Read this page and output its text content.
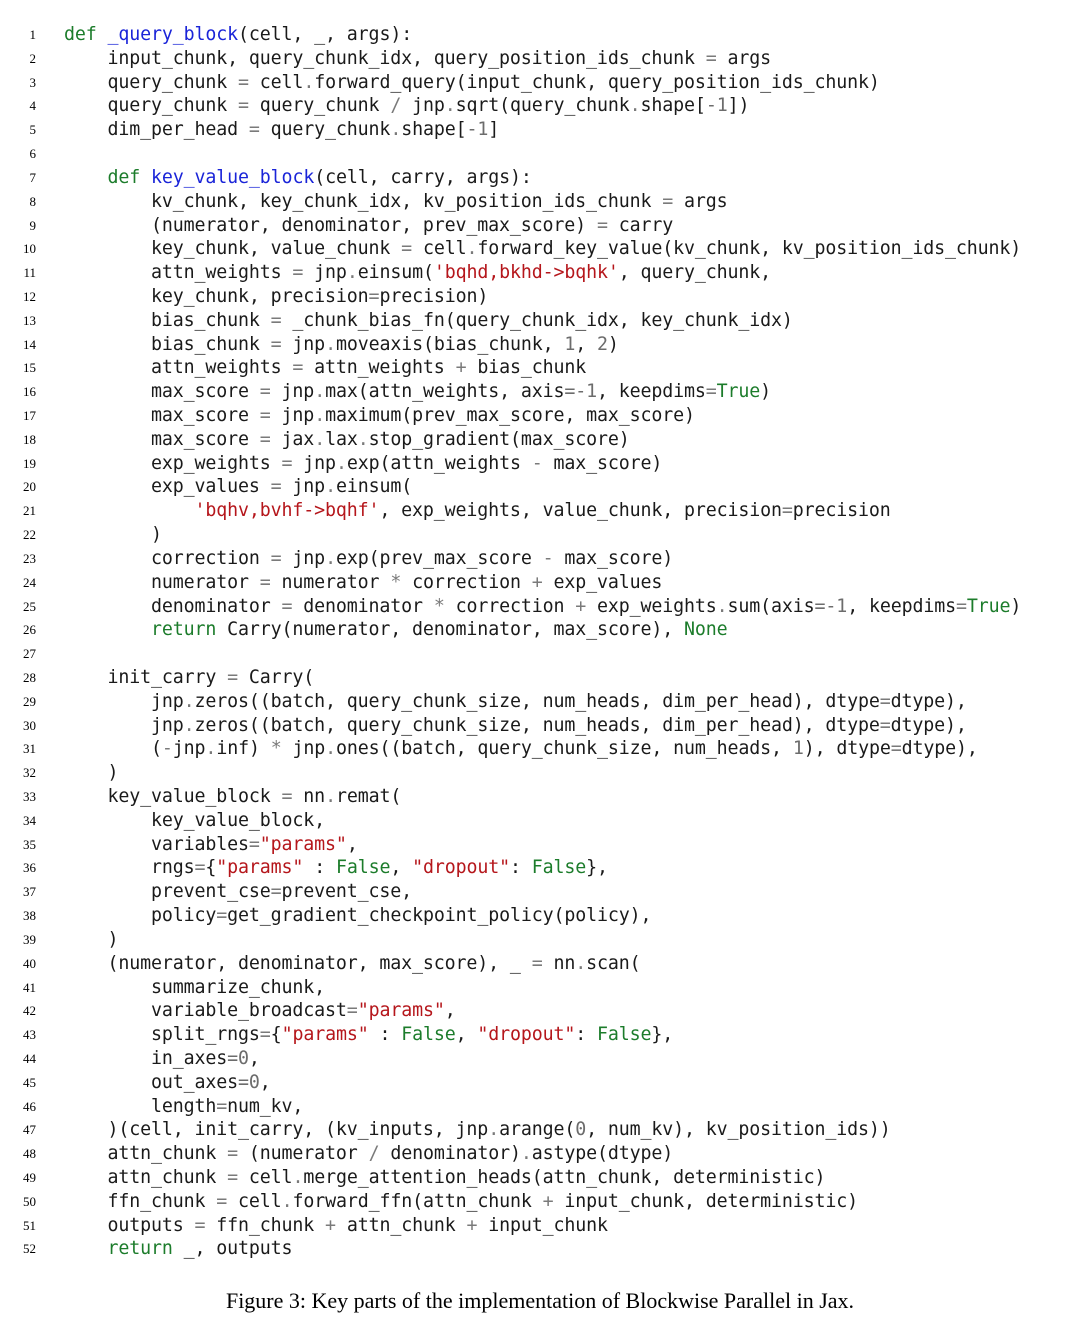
1 def _query_block(cell, _, args):
2 input_chunk, query_chunk_idx, query_position_ids_chunk = args
3 query_chunk = cell.forward_query(input_chunk, query_position_ids_chunk)
4 query_chunk = query_chunk / jnp.sqrt(query_chunk.shape[-1])
5 dim_per_head = query_chunk.shape[-1]
6
7	def key_value_block(cell, carry, args):
8 kv_chunk, key_chunk_idx, kv_position_ids_chunk = args
9 (numerator, denominator, prev_max_score) = carry
10 key_chunk, value_chunk = cell.forward_key_value(kv_chunk, kv_position_ids_chunk)
11 attn_weights = jnp.einsum('bqhd,bkhd->bqhk', query_chunk,
12 key_chunk, precision=precision)
13 bias_chunk = _chunk_bias_fn(query_chunk_idx, key_chunk_idx)
14 bias_chunk = jnp.moveaxis(bias_chunk, 1, 2)
15 attn_weights = attn_weights + bias_chunk
16 max_score = jnp.max(attn_weights, axis=-1, keepdims=True)
17 max_score = jnp.maximum(prev_max_score, max_score)
18 max_score = jax.lax.stop_gradient(max_score)
19 exp_weights = jnp.exp(attn_weights - max_score)
20 exp_values = jnp.einsum(
21	'bqhv,bvhf->bqhf', exp_weights, value_chunk, precision=precision
22 )
23 correction = jnp.exp(prev_max_score - max_score)
24 numerator = numerator * correction + exp_values
25 denominator = denominator * correction + exp_weights.sum(axis=-1, keepdims=True)
26	return Carry(numerator, denominator, max_score), None
27
28 init_carry = Carry(
29 jnp.zeros((batch, query_chunk_size, num_heads, dim_per_head), dtype=dtype),
30 jnp.zeros((batch, query_chunk_size, num_heads, dim_per_head), dtype=dtype),
31 (-jnp.inf) * jnp.ones((batch, query_chunk_size, num_heads, 1), dtype=dtype),
32 )
33 key_value_block = nn.remat(
34 key_value_block,
35 variables="params",
36 rngs={"params" : False, "dropout": False},
37 prevent_cse=prevent_cse,
38 policy=get_gradient_checkpoint_policy(policy),
39 )
40 (numerator, denominator, max_score), _ = nn.scan(
41 summarize_chunk,
42 variable_broadcast="params",
43 split_rngs={"params" : False, "dropout": False},
44 in_axes=0,
45 out_axes=0,
46 length=num_kv,
47 )(cell, init_carry, (kv_inputs, jnp.arange(0, num_kv), kv_position_ids))
48 attn_chunk = (numerator / denominator).astype(dtype)
49 attn_chunk = cell.merge_attention_heads(attn_chunk, deterministic)
50 ffn_chunk = cell.forward_ffn(attn_chunk + input_chunk, deterministic)
51 outputs = ffn_chunk + attn_chunk + input_chunk
52	return _, outputs
Figure 3: Key parts of the implementation of Blockwise Parallel in Jax.
